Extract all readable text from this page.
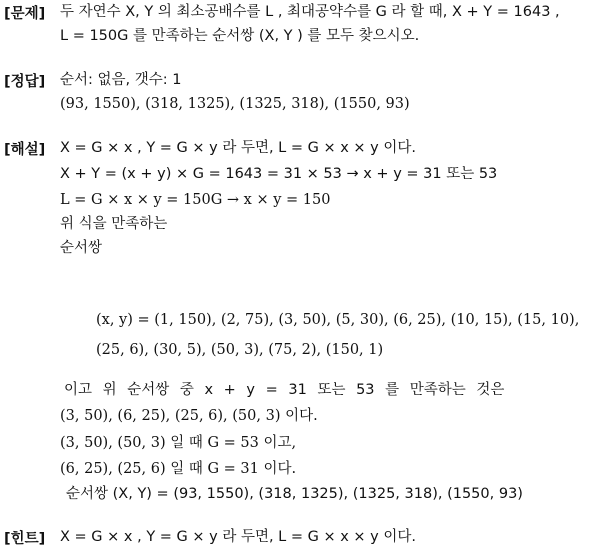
[문제] 두 자연수 X, Y 의 최소공배수를 L , 최대공약수를 G 라 할 때, X + Y = 1643 ,
L = 150G 를 만족하는 순서쌍 (X, Y ) 를 모두 찾으시오.
[정답] 순서: 없음, 갯수: 1
(93, 1550), (318, 1325), (1325, 318), (1550, 93)
[해설] X = G × x , Y = G × y 라 두면, L = G × x × y 이다.
X + Y = (x + y) × G = 1643 = 31 × 53 → x + y = 31 또는 53
L = G × x × y = 150G → x × y = 150
위 식을 만족하는
순서쌍
(x, y) = (1, 150), (2, 75), (3, 50), (5, 30), (6, 25), (10, 15), (15, 10),
(25, 6), (30, 5), (50, 3), (75, 2), (150, 1)
이고 위 순서쌍 중 x + y = 31 또는 53 를 만족하는 것은
(3, 50), (6, 25), (25, 6), (50, 3) 이다.
(3, 50), (50, 3) 일 때 G = 53 이고,
(6, 25), (25, 6) 일 때 G = 31 이다.
순서쌍 (X, Y) = (93, 1550), (318, 1325), (1325, 318), (1550, 93)
[힌트] X = G × x , Y = G × y 라 두면, L = G × x × y 이다.
